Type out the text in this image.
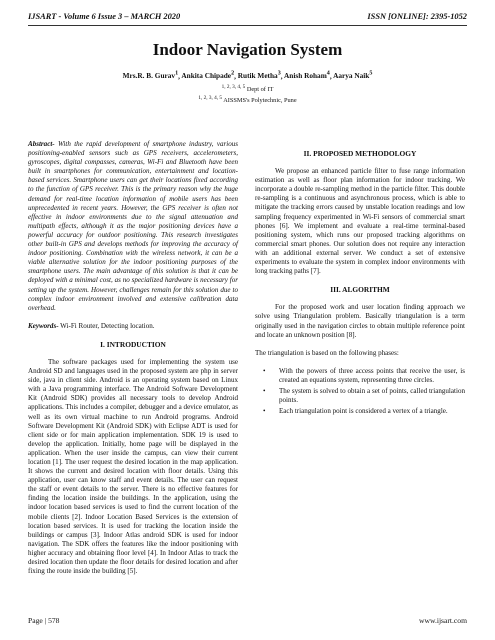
IJSART - Volume 6 Issue 3 – MARCH 2020	ISSN [ONLINE]: 2395-1052
Indoor Navigation System
Mrs.R. B. Gurav$^1$, Ankita Chipade$^2$, Rutik Metha$^3$, Anish Roham$^4$, Aarya Naik$^5$
$^{1, 2, 3, 4, 5}$ Dept of IT
$^{1, 2, 3, 4, 5}$ AISSMS's Polytechnic, Pune

Abstract- With the rapid development of smartphone industry, various positioning-enabled sensors such as GPS receivers, accelerometers, gyroscopes, digital compasses, cameras, Wi-Fi and Bluetooth have been built in smartphones for communication, entertainment and location-based services. Smartphone users can get their locations fixed according to the function of GPS receiver. This is the primary reason why the huge demand for real-time location information of mobile users has been unprecedented in recent years. However, the GPS receiver is often not effective in indoor environments due to the signal attenuation and multipath effects, although it as the major positioning devices have a powerful accuracy for outdoor positioning. This research investigates other built-in GPS and develops methods for improving the accuracy of indoor positioning. Combination with the wireless network, it can be a viable alternative solution for the indoor positioning purposes of the smartphone users. The main advantage of this solution is that it can be deployed with a minimal cost, as no specialized hardware is necessary for setting up the system. However, challenges remain for this solution due to complex indoor environment involved and extensive calibration data overhead.

Keywords- Wi-Fi Router, Detecting location.

I. INTRODUCTION

The software packages used for implementing the system use Android SD and languages used in the proposed system are php in server side, java in client side. Android is an operating system based on Linux with a Java programming interface. The Android Software Development Kit (Android SDK) provides all necessary tools to develop Android applications. This includes a compiler, debugger and a device emulator, as well as its own virtual machine to run Android programs. Android Software Development Kit (Android SDK) with Eclipse ADT is used for client side or for main application implementation. SDK 19 is used to develop the application. Initially, home page will be displayed in the application. When the user inside the campus, can view their current location [1]. The user request the desired location in the map application. It shows the current and desired location with floor details. Using this application, user can know staff and event details. The user can request the staff or event details to the server. There is no effective features for finding the location inside the buildings. In the application, using the indoor location based services is used to find the current location of the mobile clients [2]. Indoor Location Based Services is the extension of location based services. It is used for tracking the location inside the buildings or campus [3]. Indoor Atlas android SDK is used for indoor navigation. The SDK offers the features like the indoor positioning with higher accuracy and obtaining floor level [4]. In Indoor Atlas to track the desired location then update the floor details for desired location and after fixing the route inside the building [5].

II. PROPOSED METHODOLOGY

We propose an enhanced particle filter to fuse range information estimation as well as floor plan information for indoor tracking. We incorporate a double re-sampling method in the particle filter. This double re-sampling is a continuous and asynchronous process, which is able to mitigate the tracking errors caused by unstable location readings and low sampling frequency experimented in Wi-Fi sensors of commercial smart phones [6]. We implement and evaluate a real-time terminal-based positioning system, which runs our proposed tracking algorithms on commercial smart phones. Our solution does not require any interaction with an additional external server. We conduct a set of extensive experiments to evaluate the system in complex indoor environments with long tracking paths [7].

III. ALGORITHM

For the proposed work and user location finding approach we solve using Triangulation problem. Basically triangulation is a term originally used in the navigation circles to obtain multiple reference point and locate an unknown position [8].

The triangulation is based on the following phases:

• With the powers of three access points that receive the user, is created an equations system, representing three circles.
• The system is solved to obtain a set of points, called triangulation points.
• Each triangulation point is considered a vertex of a triangle.
Page | 578	www.ijsart.com
